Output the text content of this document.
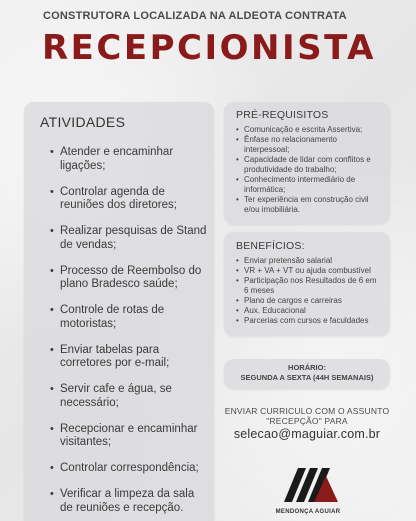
CONSTRUTORA LOCALIZADA NA ALDEOTA CONTRATA
RECEPCIONISTA
ATIVIDADES
• Atender e encaminhar ligações;
• Controlar agenda de reuniões dos diretores;
• Realizar pesquisas de Stand de vendas;
• Processo de Reembolso do plano Bradesco saúde;
• Controle de rotas de motoristas;
• Enviar tabelas para corretores por e-mail;
• Servir cafe e água, se necessário;
• Recepcionar e encaminhar visitantes;
• Controlar correspondência;
• Verificar a limpeza da sala de reuniões e recepção.
PRÉ-REQUISITOS
• Comunicação e escrita Assertiva;
• Ênfase no relacionamento interpessoal;
• Capacidade de lidar com conflitos e produtividade do trabalho;
• Conhecimento intermediário de informática;
• Ter experiência em construção civil e/ou imobiliária.
BENEFÍCIOS:
• Enviar pretensão salarial
• VR + VA + VT ou ajuda combustível
• Participação nos Resultados de 6 em 6 meses
• Plano de cargos e carreiras
• Aux. Educacional
• Parcerias com cursos e faculdades
HORÁRIO:
SEGUNDA A SEXTA (44H SEMANAIS)
ENVIAR CURRICULO COM O ASSUNTO "RECEPÇÃO" PARA
selecao@maguiar.com.br
MENDONÇA AGUIAR
